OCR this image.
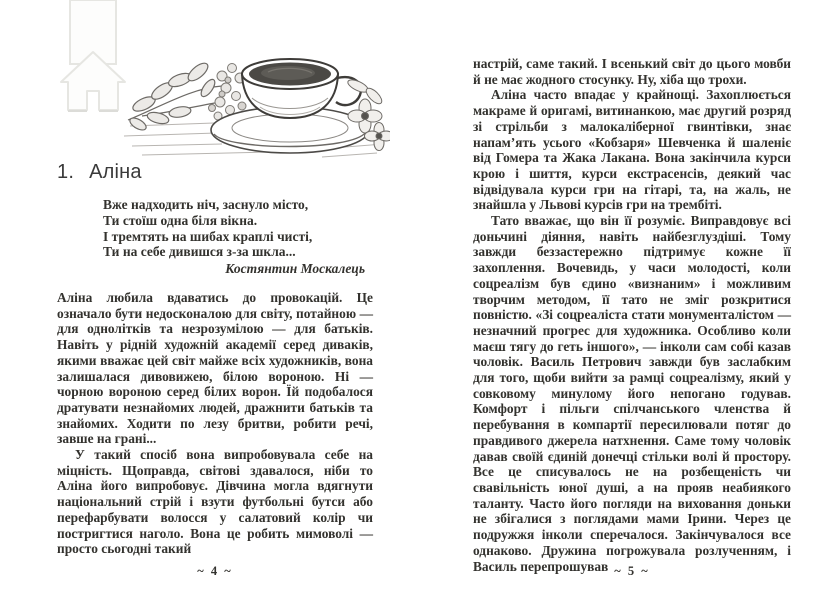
1. Аліна
Вже надходить ніч, заснуло місто,
Ти стоїш одна біля вікна.
І тремтять на шибах краплі чисті,
Ти на себе дивишся з-за шкла...
Костянтин Москалець

Аліна любила вдаватись до провокацій. Це означало бути недосконалою для світу, потайною — для однолітків та незрозумілою — для батьків. Навіть у рідній художній академії серед диваків, якими вважає цей світ майже всіх художників, вона залишалася дивовижею, білою вороною. Ні — чорною вороною серед білих ворон. Їй подобалося дратувати незнайомих людей, дражнити батьків та знайомих. Ходити по лезу бритви, робити речі, завше на грані...

У такий спосіб вона випробовувала себе на міцність. Щоправда, світові здавалося, ніби то Аліна його випробовує. Дівчина могла вдягнути національний стрій і взути футбольні бутси або перефарбувати волосся у салатовий колір чи постригтися наголо. Вона це робить мимоволі — просто сьогодні такий

~ 4 ~

настрій, саме такий. І всенький світ до цього мовби й не має жодного стосунку. Ну, хіба що трохи.

Аліна часто впадає у крайнощі. Захоплюється макраме й оригамі, витинанкою, має другий розряд зі стрільби з малокаліберної гвинтівки, знає напам’ять усього «Кобзаря» Шевченка й шаленіє від Гомера та Жака Лакана. Вона закінчила курси крою і шиття, курси екстрасенсів, деякий час відвідувала курси гри на гітарі, та, на жаль, не знайшла у Львові курсів гри на трембіті.

Тато вважає, що він її розуміє. Виправдовує всі доньчині діяння, навіть найбезглуздіші. Тому завжди беззастережно підтримує кожне її захоплення. Вочевидь, у часи молодості, коли соцреалізм був єдино «визнаним» і можливим творчим методом, її тато не зміг розкритися повністю. «Зі соцреаліста стати монументалістом — незначний прогрес для художника. Особливо коли маєш тягу до геть іншого», — інколи сам собі казав чоловік. Василь Петрович завжди був заслабким для того, щоби вийти за рамці соцреалізму, який у совковому минулому його непогано годував. Комфорт і пільги спілчанського членства й перебування в компартії пересилювали потяг до правдивого джерела натхнення. Саме тому чоловік давав своїй єдиній донечці стільки волі й простору. Все це списувалось не на розбещеність чи свавільність юної душі, а на прояв неабиякого таланту. Часто його погляди на виховання доньки не збігалися з поглядами мами Ірини. Через це подружжя інколи сперечалося. Закінчувалося все однаково. Дружина погрожувала розлученням, і Василь перепрошував ~ 5 ~
